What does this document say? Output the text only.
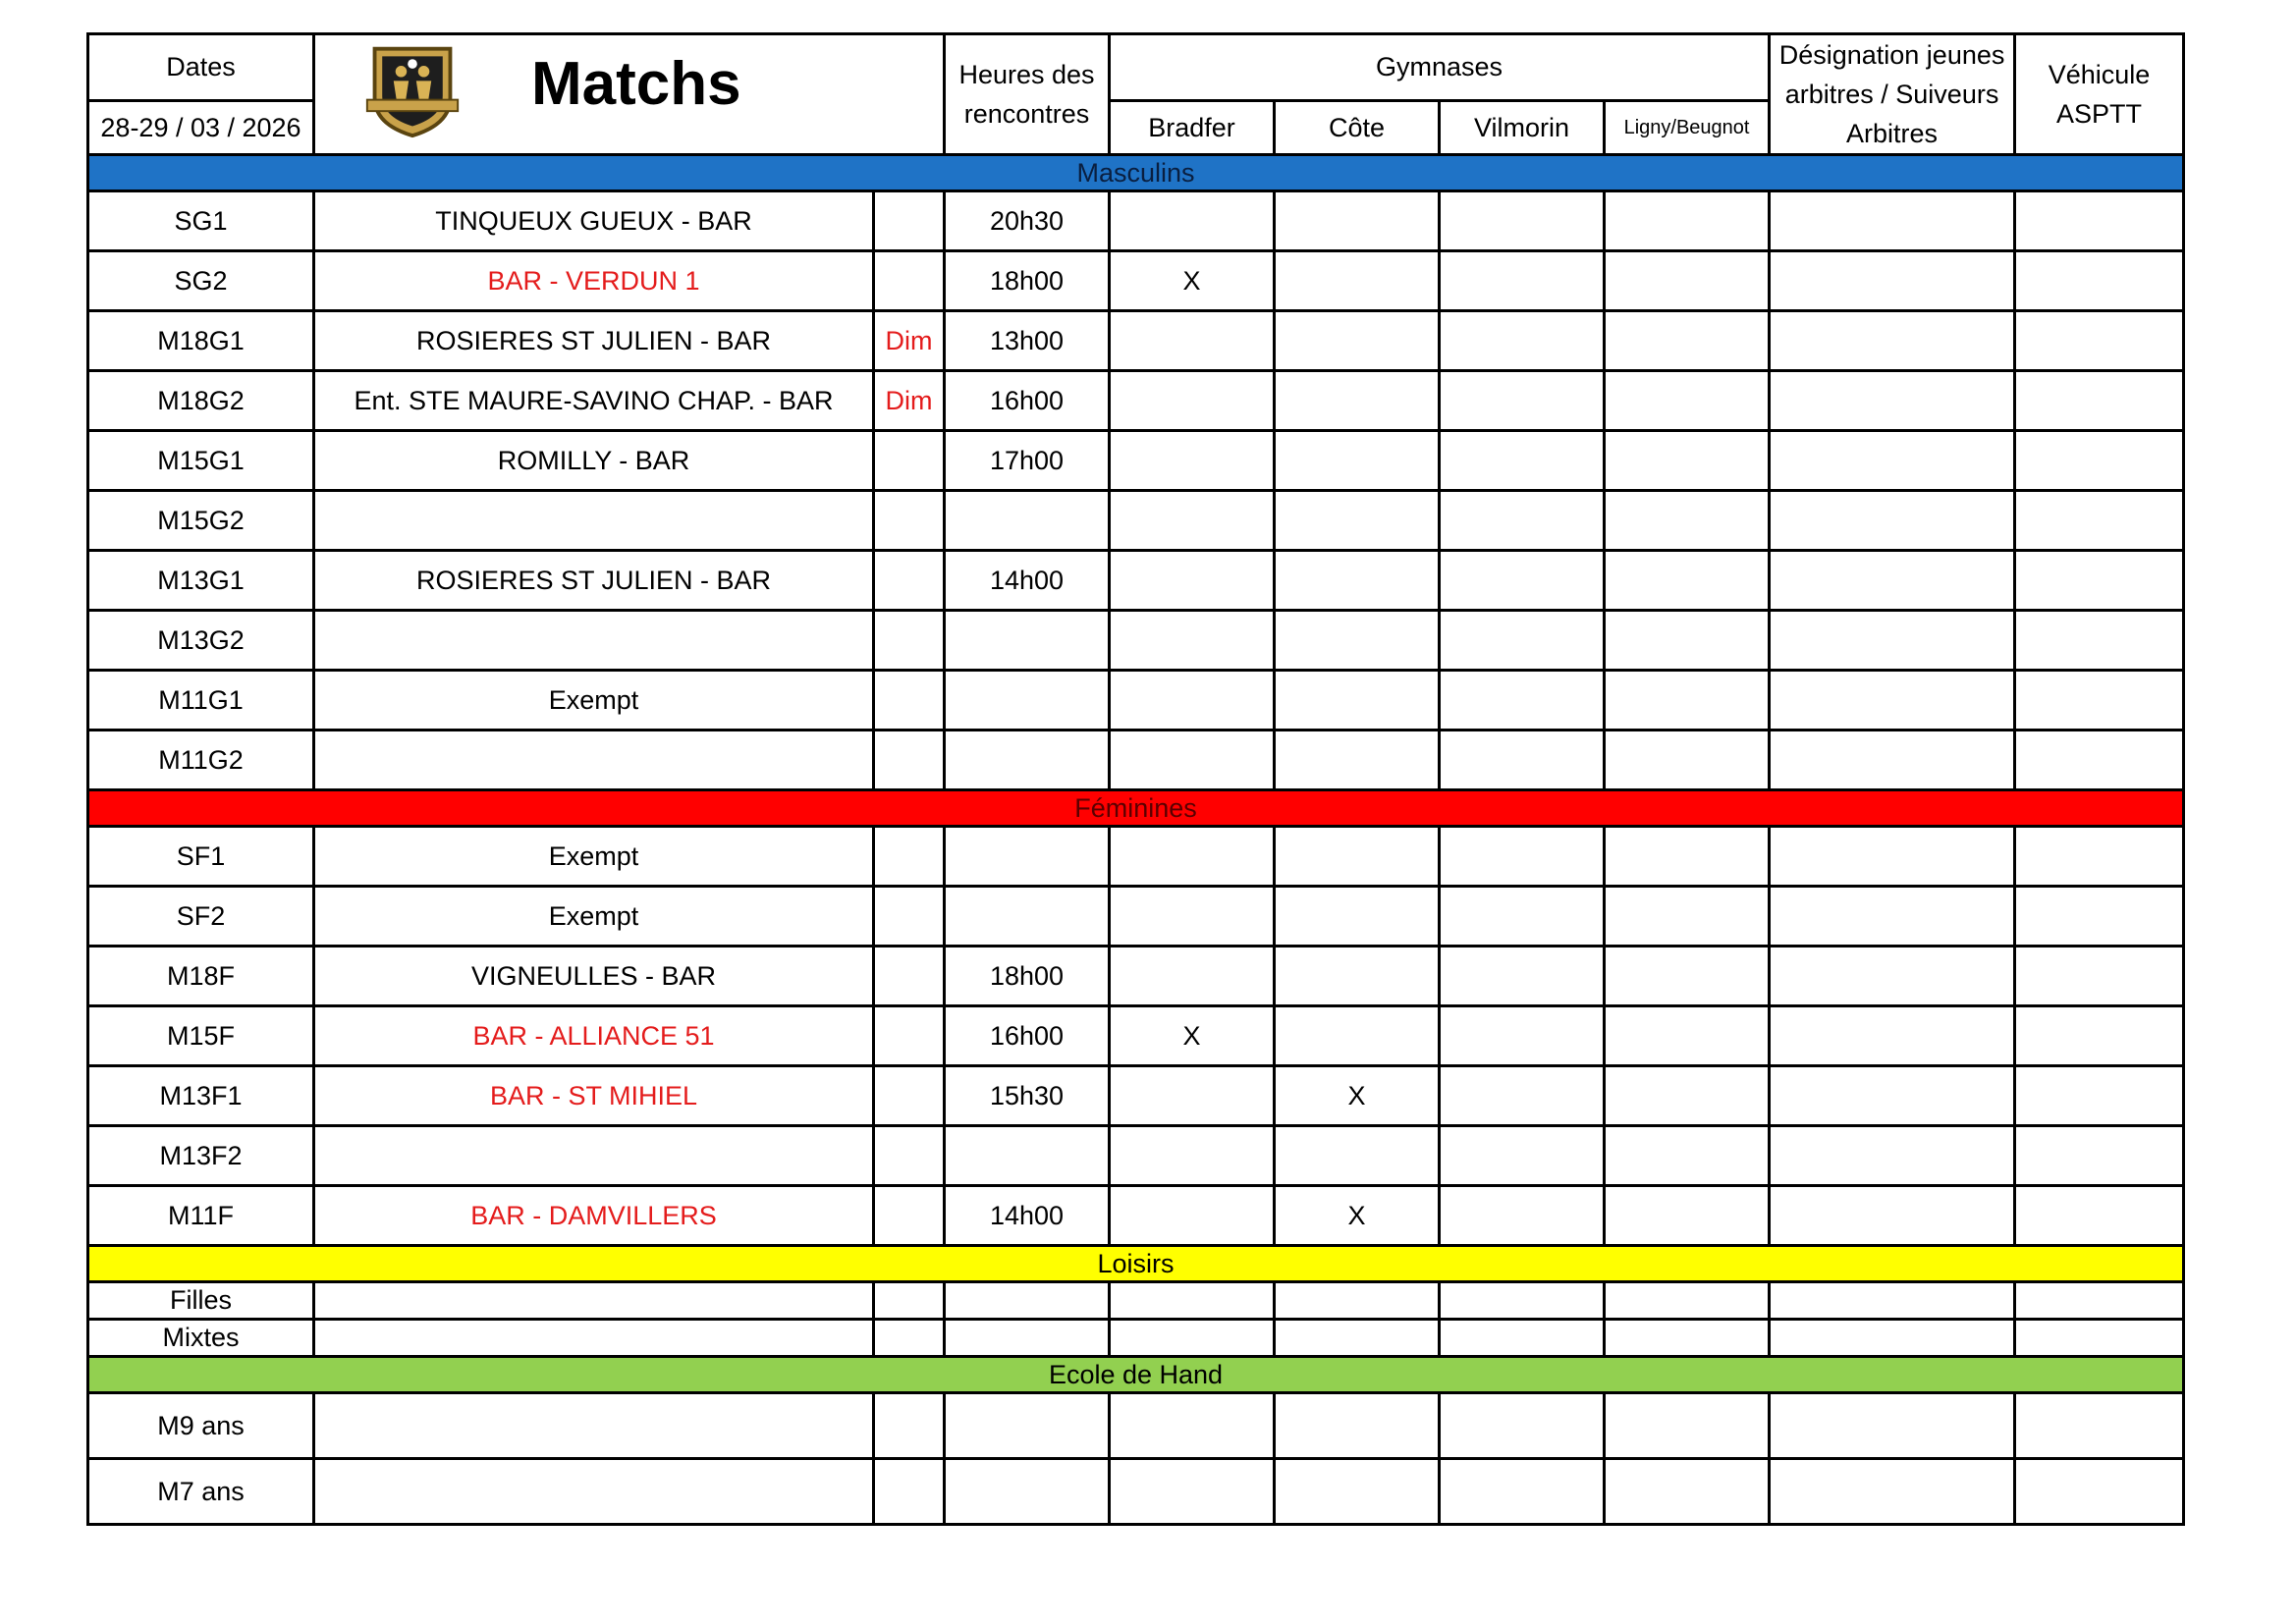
Dates	Matchs		Heures des rencontres	Gymnases				Désignation jeunes arbitres / Suiveurs Arbitres	Véhicule ASPTT
28-29 / 03 / 2026				Bradfer	Côte	Vilmorin	Ligny/Beugnot		
Masculins									
SG1	TINQUEUX GUEUX - BAR		20h30						
SG2	BAR - VERDUN 1		18h00	X					
M18G1	ROSIERES ST JULIEN - BAR	Dim	13h00						
M18G2	Ent. STE MAURE-SAVINO CHAP. - BAR	Dim	16h00						
M15G1	ROMILLY - BAR		17h00						
M15G2									
M13G1	ROSIERES ST JULIEN - BAR		14h00						
M13G2									
M11G1	Exempt								
M11G2									
Féminines									
SF1	Exempt								
SF2	Exempt								
M18F	VIGNEULLES - BAR		18h00						
M15F	BAR - ALLIANCE 51		16h00	X					
M13F1	BAR - ST MIHIEL		15h30		X				
M13F2									
M11F	BAR - DAMVILLERS		14h00		X				
Loisirs									
Filles									
Mixtes									
Ecole de Hand									
M9 ans									
M7 ans									
